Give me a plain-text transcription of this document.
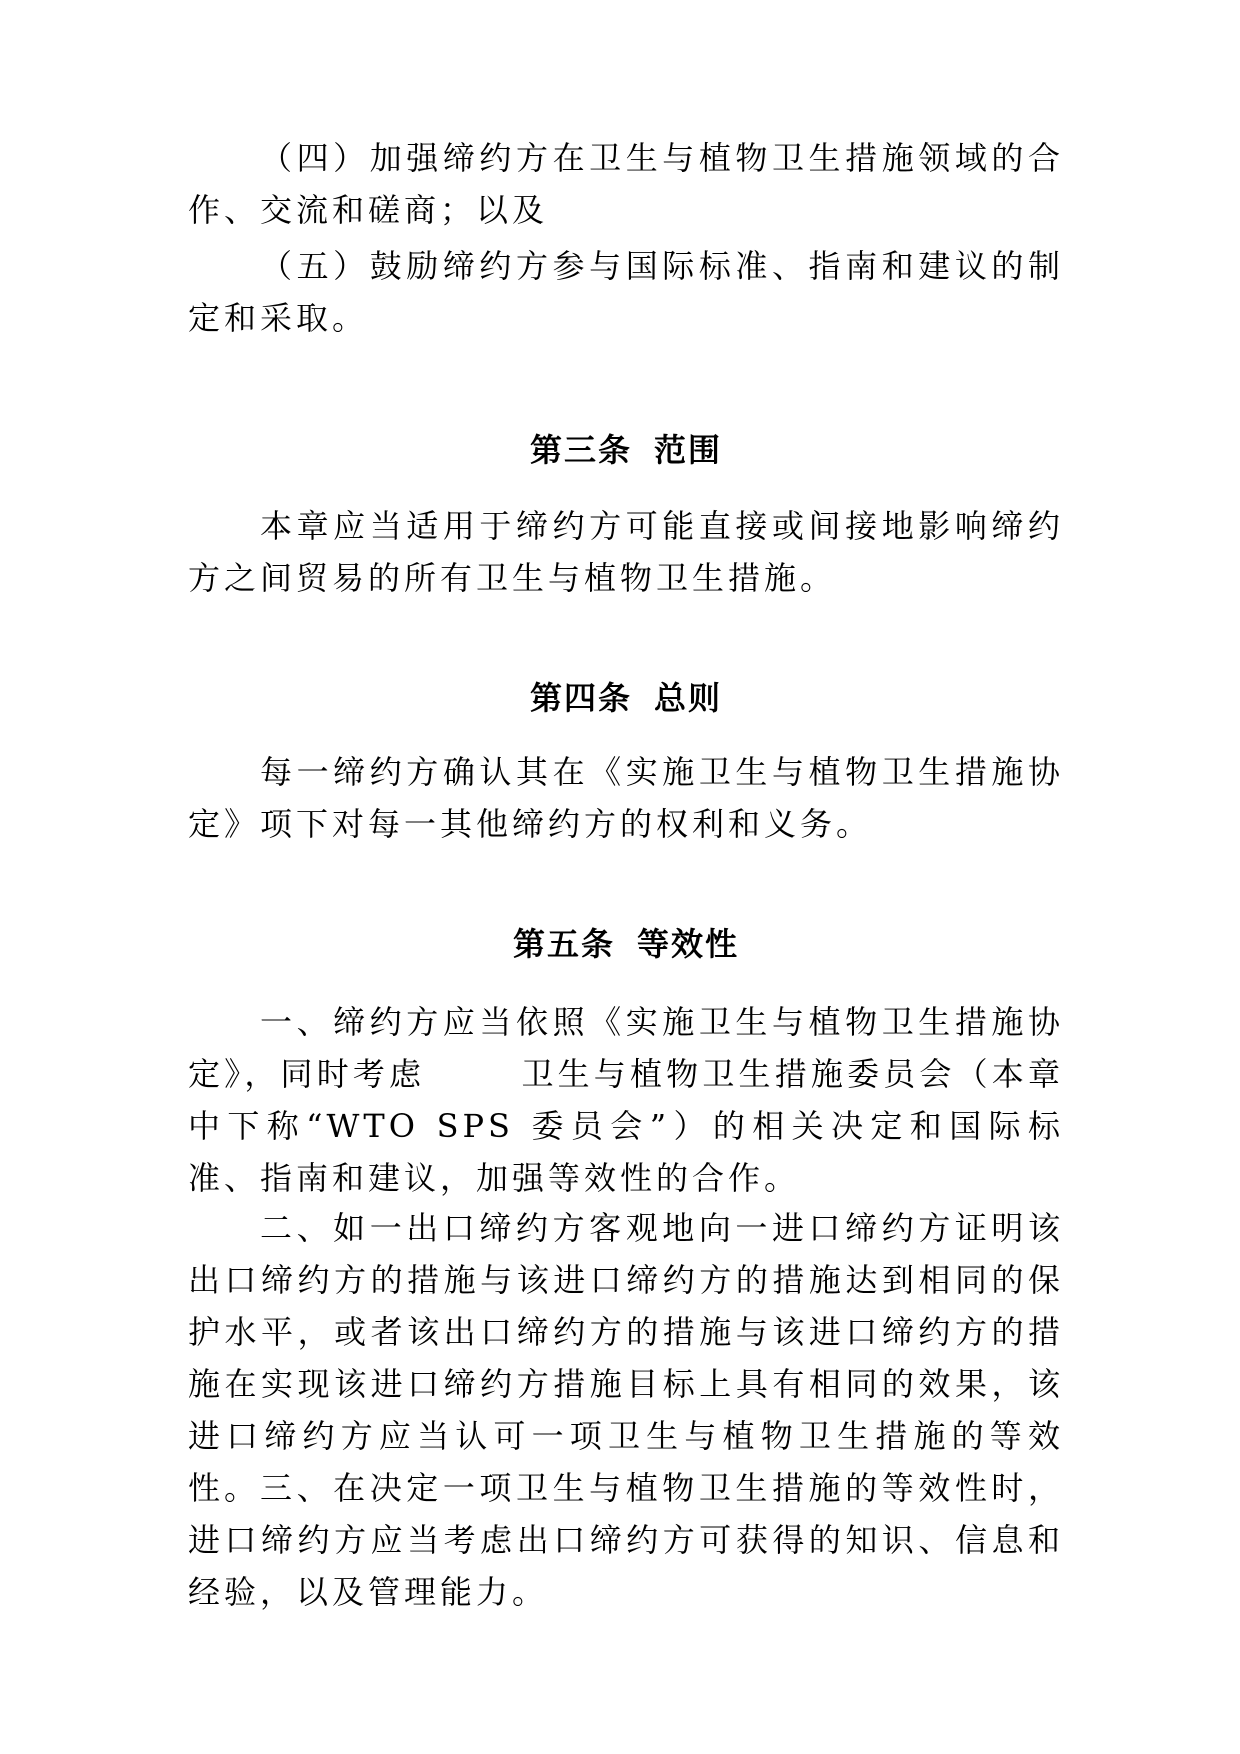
（四）加强缔约方在卫生与植物卫生措施领域的合作、交流和磋商；以及

（五）鼓励缔约方参与国际标准、指南和建议的制定和采取。

第三条 范围

本章应当适用于缔约方可能直接或间接地影响缔约方之间贸易的所有卫生与植物卫生措施。

第四条 总则

每一缔约方确认其在《实施卫生与植物卫生措施协定》项下对每一其他缔约方的权利和义务。

第五条 等效性

一、缔约方应当依照《实施卫生与植物卫生措施协定》，同时考虑	卫生与植物卫生措施委员会（本章中下称“WTO SPS 委员会”）的相关决定和国际标准、指南和建议，加强等效性的合作。

二、如一出口缔约方客观地向一进口缔约方证明该出口缔约方的措施与该进口缔约方的措施达到相同的保护水平，或者该出口缔约方的措施与该进口缔约方的措施在实现该进口缔约方措施目标上具有相同的效果，该进口缔约方应当认可一项卫生与植物卫生措施的等效性。 三、在决定一项卫生与植物卫生措施的等效性时，进口缔约方应当考虑出口缔约方可获得的知识、信息和经验，以及管理能力。
